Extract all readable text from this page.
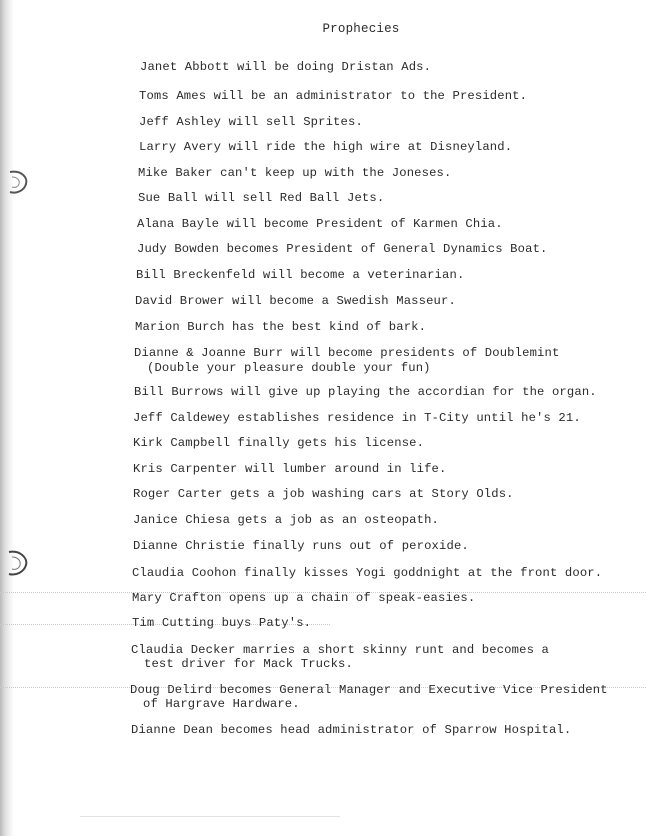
Prophecies
Janet Abbott will be doing Dristan Ads.
Toms Ames will be an administrator to the President.
Jeff Ashley will sell Sprites.
Larry Avery will ride the high wire at Disneyland.
Mike Baker can't keep up with the Joneses.
Sue Ball will sell Red Ball Jets.
Alana Bayle will become President of Karmen Chia.
Judy Bowden becomes President of General Dynamics Boat.
Bill Breckenfeld will become a veterinarian.
David Brower will become a Swedish Masseur.
Marion Burch has the best kind of bark.
Dianne & Joanne Burr will become presidents of Doublemint
(Double your pleasure double your fun)
Bill Burrows will give up playing the accordian for the organ.
Jeff Caldewey establishes residence in T-City until he's 21.
Kirk Campbell finally gets his license.
Kris Carpenter will lumber around in life.
Roger Carter gets a job washing cars at Story Olds.
Janice Chiesa gets a job as an osteopath.
Dianne Christie finally runs out of peroxide.
Claudia Coohon finally kisses Yogi goddnight at the front door.
Mary Crafton opens up a chain of speak-easies.
Tim Cutting buys Paty's.
Claudia Decker marries a short skinny runt and becomes a
test driver for Mack Trucks.
Doug Delird becomes General Manager and Executive Vice President
of Hargrave Hardware.
Dianne Dean becomes head administrator of Sparrow Hospital.
